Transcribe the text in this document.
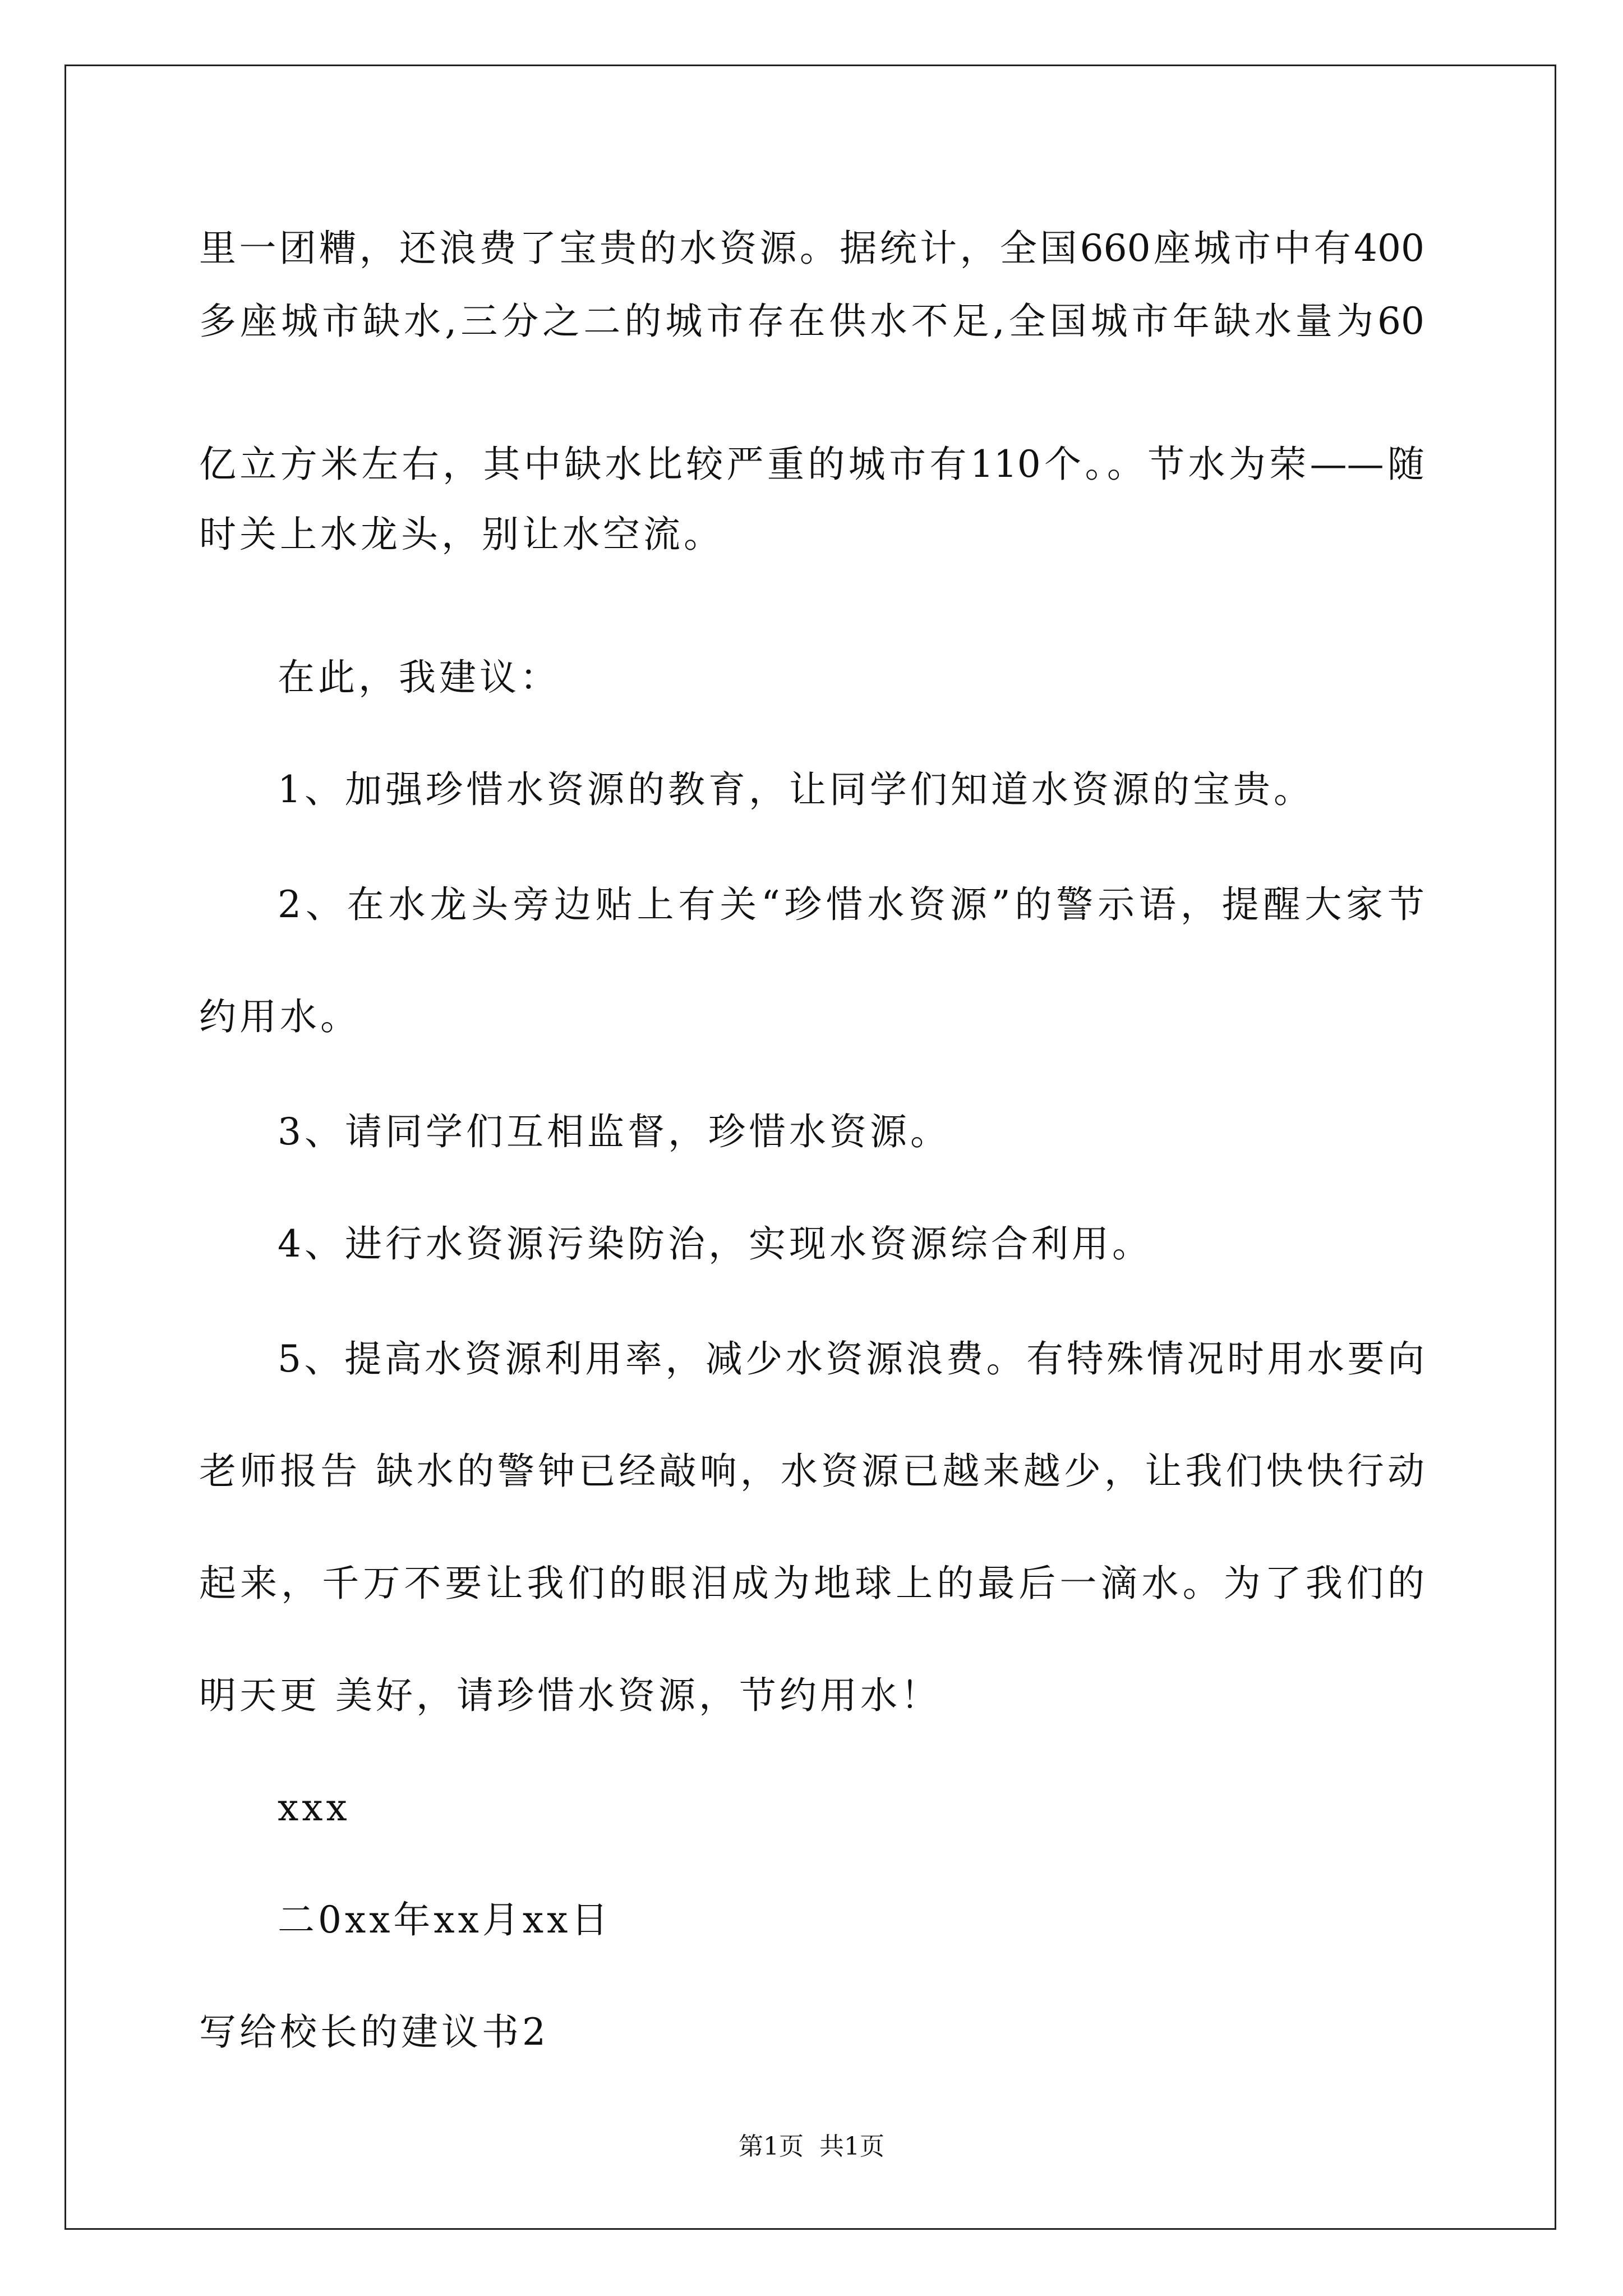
里一团糟，还浪费了宝贵的水资源。据统计，全国660座城市中有400
多座城市缺水,三分之二的城市存在供水不足,全国城市年缺水量为60
亿立方米左右，其中缺水比较严重的城市有110个。。节水为荣——随
时关上水龙头，别让水空流。
在此，我建议：
1、加强珍惜水资源的教育，让同学们知道水资源的宝贵。
2、在水龙头旁边贴上有关“珍惜水资源”的警示语，提醒大家节
约用水。
3、请同学们互相监督，珍惜水资源。
4、进行水资源污染防治，实现水资源综合利用。
5、提高水资源利用率，减少水资源浪费。有特殊情况时用水要向
老师报告 缺水的警钟已经敲响，水资源已越来越少，让我们快快行动
起来，千万不要让我们的眼泪成为地球上的最后一滴水。为了我们的
明天更 美好，请珍惜水资源，节约用水！
xxx
二0xx年xx月xx日
写给校长的建议书2
第1页 共1页
